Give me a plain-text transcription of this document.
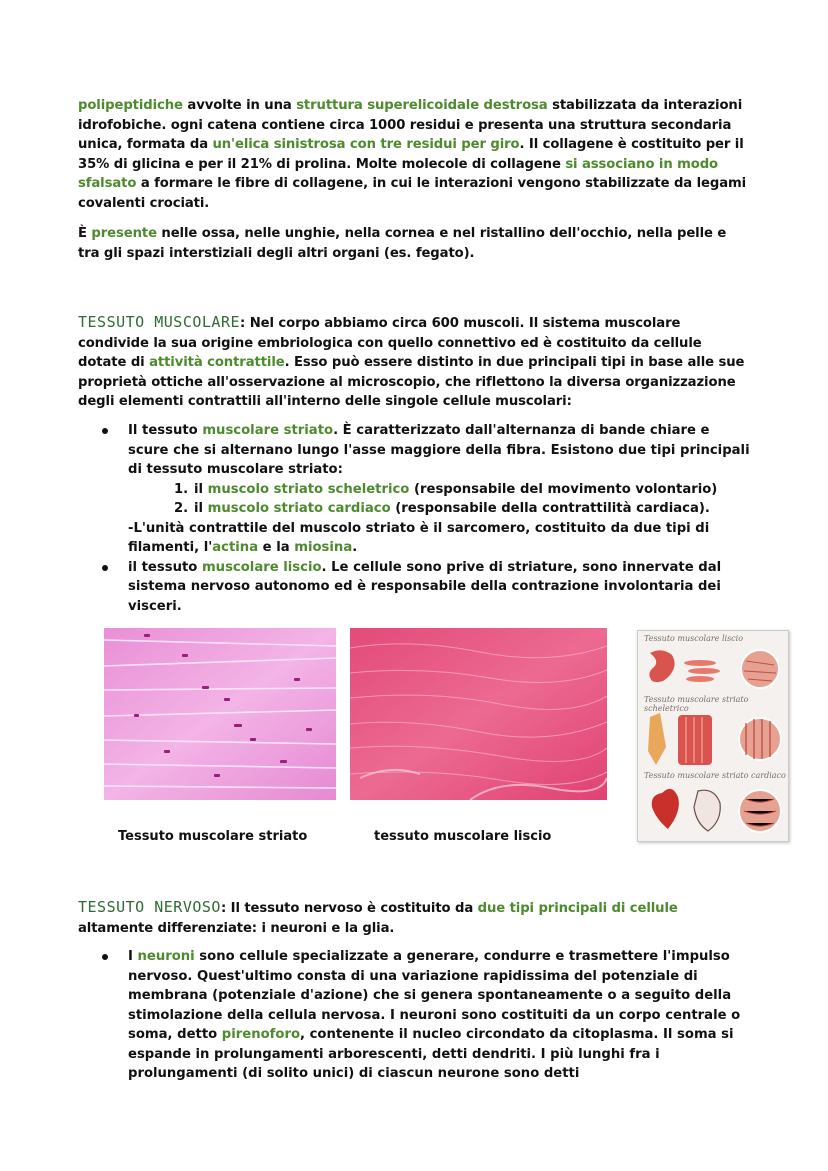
polipeptidiche avvolte in una struttura superelicoidale destrosa stabilizzata da interazioni idrofobiche. ogni catena contiene circa 1000 residui e presenta una struttura secondaria unica, formata da un'elica sinistrosa con tre residui per giro. Il collagene è costituito per il 35% di glicina e per il 21% di prolina. Molte molecole di collagene si associano in modo sfalsato a formare le fibre di collagene, in cui le interazioni vengono stabilizzate da legami covalenti crociati.
È presente nelle ossa, nelle unghie, nella cornea e nel ristallino dell'occhio, nella pelle e tra gli spazi interstiziali degli altri organi (es. fegato).
TESSUTO MUSCOLARE: Nel corpo abbiamo circa 600 muscoli. Il sistema muscolare condivide la sua origine embriologica con quello connettivo ed è costituito da cellule dotate di attività contrattile. Esso può essere distinto in due principali tipi in base alle sue proprietà ottiche all'osservazione al microscopio, che riflettono la diversa organizzazione degli elementi contrattili all'interno delle singole cellule muscolari:
Il tessuto muscolare striato. È caratterizzato dall'alternanza di bande chiare e scure che si alternano lungo l'asse maggiore della fibra. Esistono due tipi principali di tessuto muscolare striato:
1. il muscolo striato scheletrico (responsabile del movimento volontario)
2. il muscolo striato cardiaco (responsabile della contrattilità cardiaca).
-L'unità contrattile del muscolo striato è il sarcomero, costituito da due tipi di filamenti, l'actina e la miosina.
il tessuto muscolare liscio. Le cellule sono prive di striature, sono innervate dal sistema nervoso autonomo ed è responsabile della contrazione involontaria dei visceri.
Tessuto muscolare liscio
Tessuto muscolare striato scheletrico
Tessuto muscolare striato cardiaco
Tessuto muscolare striato	tessuto muscolare liscio
TESSUTO NERVOSO: Il tessuto nervoso è costituito da due tipi principali di cellule altamente differenziate: i neuroni e la glia.
I neuroni sono cellule specializzate a generare, condurre e trasmettere l'impulso nervoso. Quest'ultimo consta di una variazione rapidissima del potenziale di membrana (potenziale d'azione) che si genera spontaneamente o a seguito della stimolazione della cellula nervosa. I neuroni sono costituiti da un corpo centrale o soma, detto pirenoforo, contenente il nucleo circondato da citoplasma. Il soma si espande in prolungamenti arborescenti, detti dendriti. I più lunghi fra i prolungamenti (di solito unici) di ciascun neurone sono detti
